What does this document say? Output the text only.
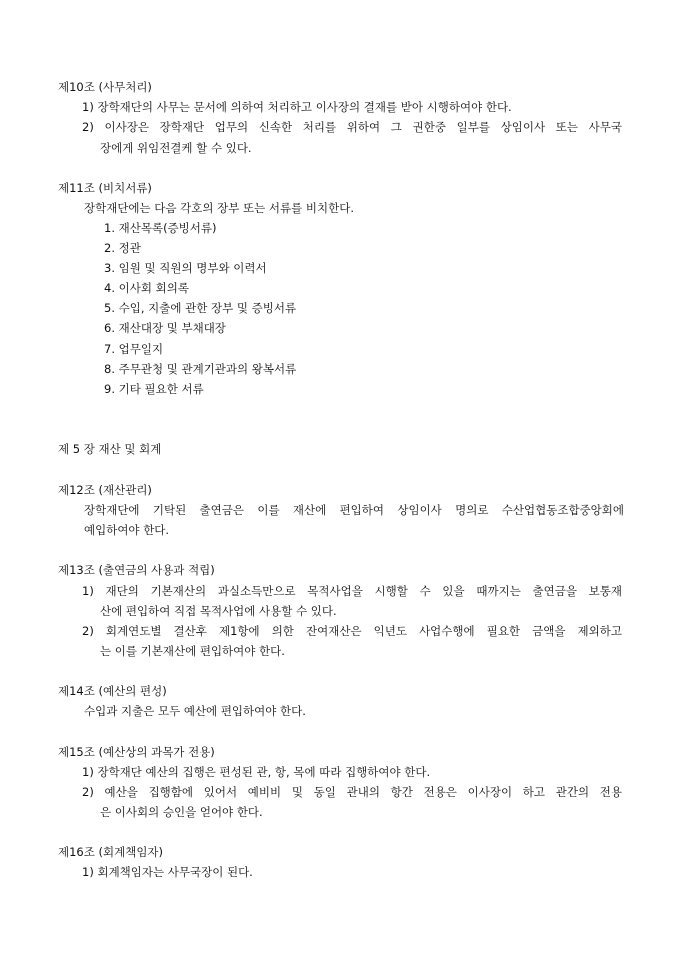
제10조 (사무처리)
1) 장학재단의 사무는 문서에 의하여 처리하고 이사장의 결재를 받아 시행하여야 한다.
2) 이사장은 장학재단 업무의 신속한 처리를 위하여 그 권한중 일부를 상임이사 또는 사무국
장에게 위임전결케 할 수 있다.
제11조 (비치서류)
장학재단에는 다음 각호의 장부 또는 서류를 비치한다.
1. 재산목록(증빙서류)
2. 정관
3. 임원 및 직원의 명부와 이력서
4. 이사회 회의록
5. 수입, 지출에 관한 장부 및 증빙서류
6. 재산대장 및 부채대장
7. 업무일지
8. 주무관청 및 관계기관과의 왕복서류
9. 기타 필요한 서류
제 5 장 재산 및 회계
제12조 (재산관리)
장학재단에 기탁된 출연금은 이를 재산에 편입하여 상임이사 명의로 수산업협동조합중앙회에
예입하여야 한다.
제13조 (출연금의 사용과 적립)
1) 재단의 기본재산의 과실소득만으로 목적사업을 시행할 수 있을 때까지는 출연금을 보통재
산에 편입하여 직접 목적사업에 사용할 수 있다.
2) 회계연도별 결산후 제1항에 의한 잔여재산은 익년도 사업수행에 필요한 금액을 제외하고
는 이를 기본재산에 편입하여야 한다.
제14조 (예산의 편성)
수입과 지출은 모두 예산에 편입하여야 한다.
제15조 (예산상의 과목가 전용)
1) 장학재단 예산의 집행은 편성된 관, 항, 목에 따라 집행하여야 한다.
2) 예산을 집행함에 있어서 예비비 및 동일 관내의 항간 전용은 이사장이 하고 관간의 전용
은 이사회의 승인을 얻어야 한다.
제16조 (회계책임자)
1) 회계책임자는 사무국장이 된다.
